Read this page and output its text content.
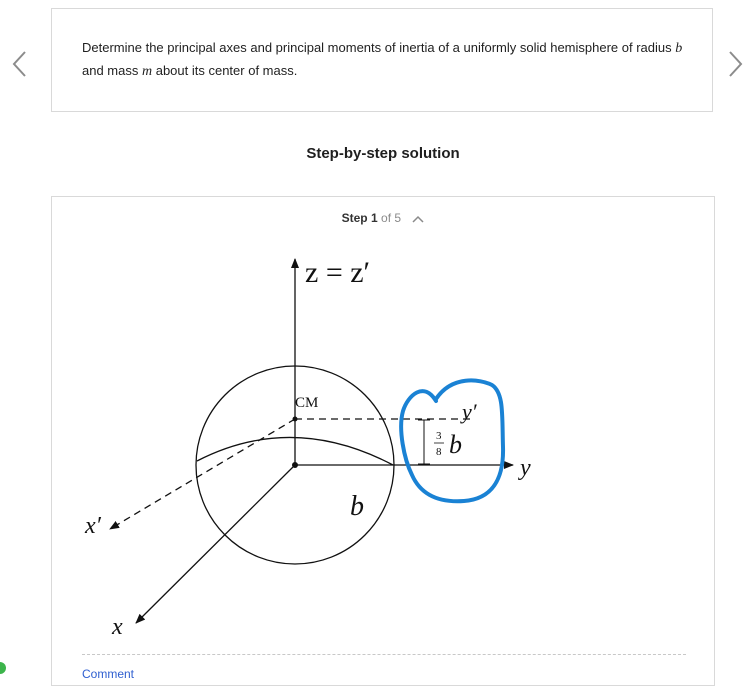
Determine the principal axes and principal moments of inertia of a uniformly solid hemisphere of radius b and mass m about its center of mass.
Step-by-step solution
Step 1 of 5
z = z′
CM	y′
y
3
8 b
b
x′
x
Comment
